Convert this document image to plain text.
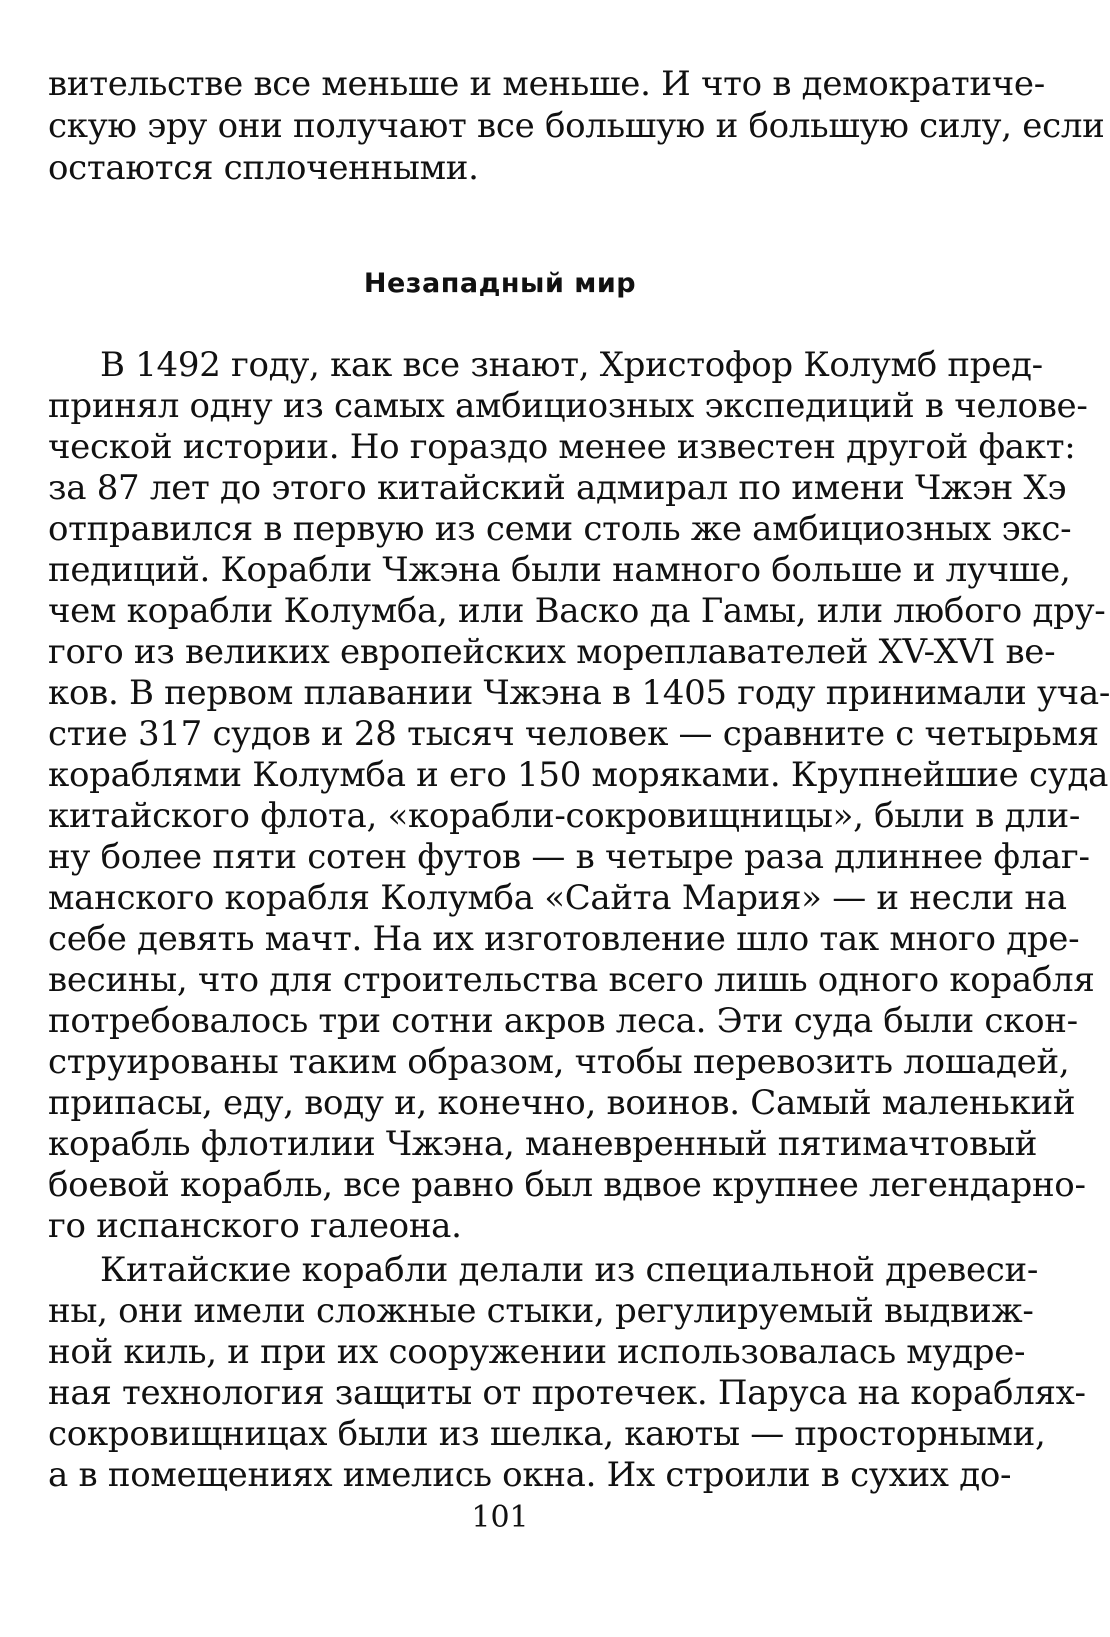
вительстве все меньше и меньше. И что в демократиче-

скую эру они получают все большую и большую силу, если

остаются сплоченными.

Незападный мир

В 1492 году, как все знают, Христофор Колумб пред-

принял одну из самых амбициозных экспедиций в челове-

ческой истории. Но гораздо менее известен другой факт:

за 87 лет до этого китайский адмирал по имени Чжэн Хэ

отправился в первую из семи столь же амбициозных экс-

педиций. Корабли Чжэна были намного больше и лучше,

чем корабли Колумба, или Васко да Гамы, или любого дру-

гого из великих европейских мореплавателей XV-XVI ве-

ков. В первом плавании Чжэна в 1405 году принимали уча-

стие 317 судов и 28 тысяч человек — сравните с четырьмя

кораблями Колумба и его 150 моряками. Крупнейшие суда

китайского флота, «корабли-сокровищницы», были в дли-

ну более пяти сотен футов — в четыре раза длиннее флаг-

манского корабля Колумба «Сайта Мария» — и несли на

себе девять мачт. На их изготовление шло так много дре-

весины, что для строительства всего лишь одного корабля

потребовалось три сотни акров леса. Эти суда были скон-

струированы таким образом, чтобы перевозить лошадей,

припасы, еду, воду и, конечно, воинов. Самый маленький

корабль флотилии Чжэна, маневренный пятимачтовый

боевой корабль, все равно был вдвое крупнее легендарно-

го испанского галеона.

Китайские корабли делали из специальной древеси-

ны, они имели сложные стыки, регулируемый выдвиж-

ной киль, и при их сооружении использовалась мудре-

ная технология защиты от протечек. Паруса на кораблях-

сокровищницах были из шелка, каюты — просторными,

а в помещениях имелись окна. Их строили в сухих до-

101
